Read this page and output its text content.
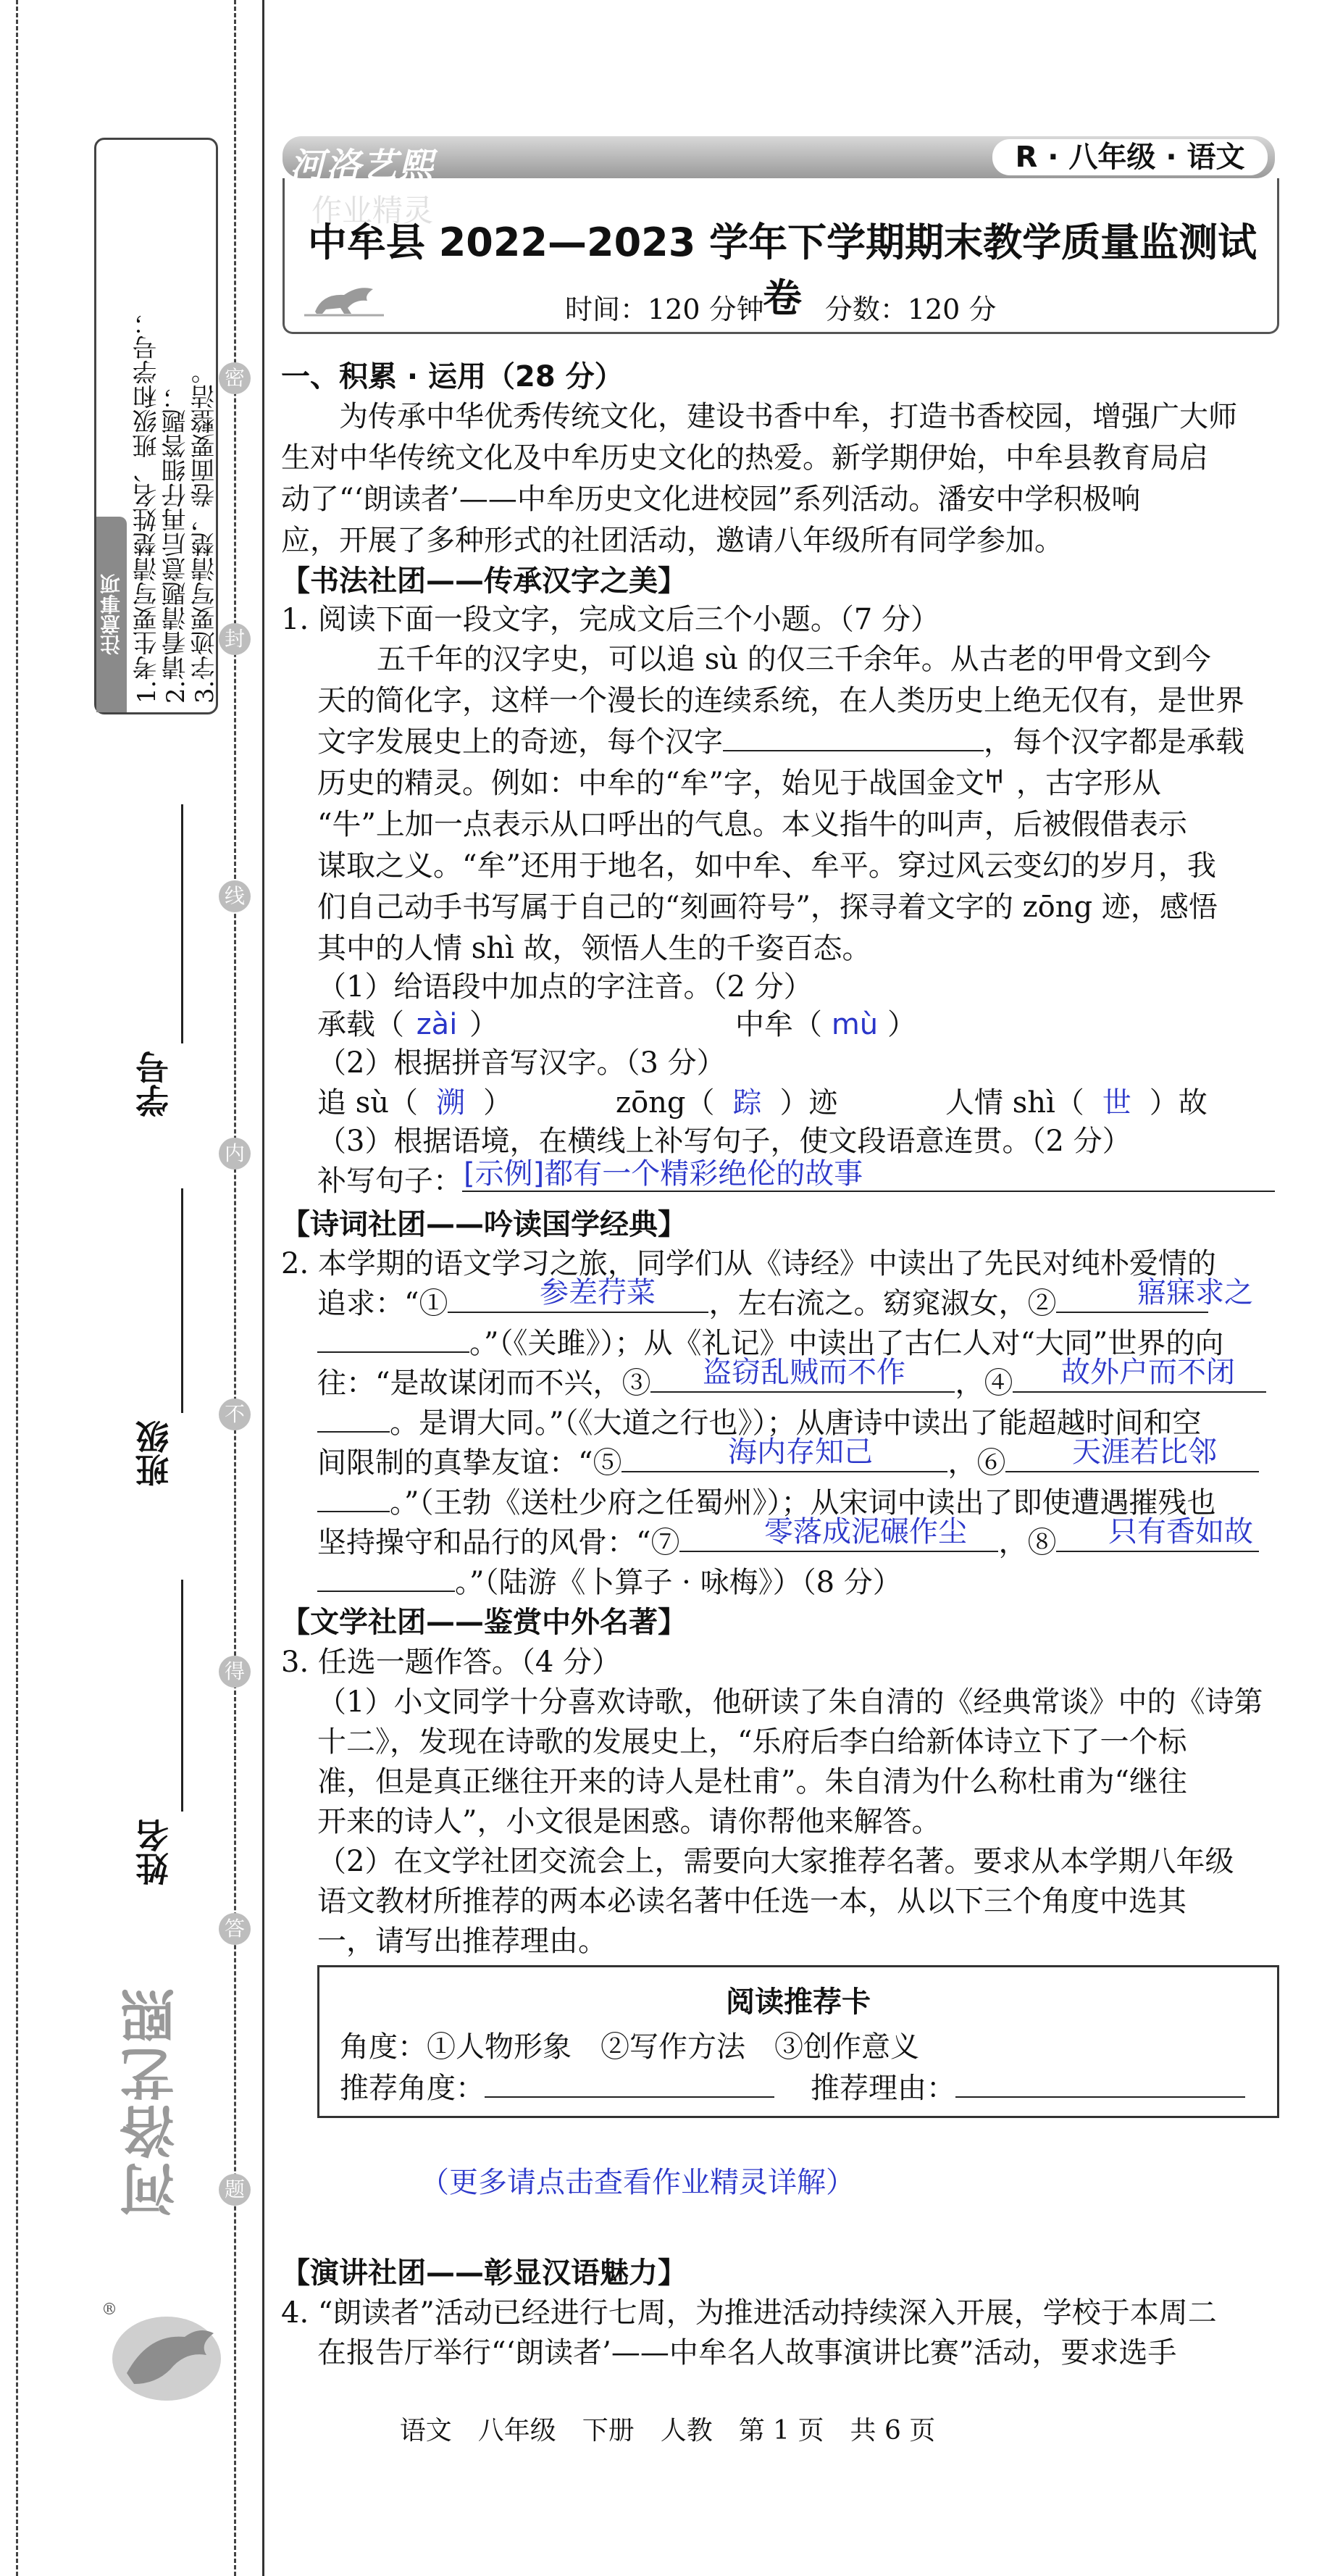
密
封
线
内
不
得
答
题
注意事项 1.考生要写清楚姓名、班级和学号； 2.请看清题意后再仔细答题； 3.字迹要写清楚，卷面要整洁。
学号
班级
姓名
河洛艺熙
®
河洛艺熙	R · 八年级 · 语文
作业精灵
中牟县 2022—2023 学年下学期期末教学质量监测试卷
时间：120 分钟 分数：120 分
一、积累 · 运用（28 分）
为传承中华优秀传统文化，建设书香中牟，打造书香校园，增强广大师
生对中华传统文化及中牟历史文化的热爱。新学期伊始，中牟县教育局启
动了“‘朗读者’——中牟历史文化进校园”系列活动。潘安中学积极响
应，开展了多种形式的社团活动，邀请八年级所有同学参加。
【书法社团——传承汉字之美】
1. 阅读下面一段文字，完成文后三个小题。（7 分）
五千年的汉字史，可以追 sù 的仅三千余年。从古老的甲骨文到今
天的简化字，这样一个漫长的连续系统，在人类历史上绝无仅有，是世界
文字发展史上的奇迹，每个汉字	，每个汉字都是承载
历史的精灵。例如：中牟的“牟”字，始见于战国金文𐀀 ，古字形从
“牛”上加一点表示从口呼出的气息。本义指牛的叫声，后被假借表示
谋取之义。“牟”还用于地名，如中牟、牟平。穿过风云变幻的岁月，我
们自己动手书写属于自己的“刻画符号”，探寻着文字的 zōng 迹，感悟
其中的人情 shì 故，领悟人生的千姿百态。
（1）给语段中加点的字注音。（2 分）
承载（ zài ）	中牟（ mù ）
（2）根据拼音写汉字。（3 分）
追 sù（ 溯 ）	zōng（ 踪 ）迹	人情 shì（ 世 ）故
（3）根据语境，在横线上补写句子，使文段语意连贯。（2 分）
补写句子： [示例]都有一个精彩绝伦的故事
【诗词社团——吟读国学经典】
2. 本学期的语文学习之旅，同学们从《诗经》中读出了先民对纯朴爱情的
追求：“①	，左右流之。窈窕淑女，②
参差荇菜	寤寐求之
。”（《关雎》）；从《礼记》中读出了古仁人对“大同”世界的向
往：“是故谋闭而不兴，③	，④
盗窃乱贼而不作	故外户而不闭
。是谓大同。”（《大道之行也》）；从唐诗中读出了能超越时间和空
间限制的真挚友谊：“⑤	，⑥
海内存知己	天涯若比邻
。”（王勃《送杜少府之任蜀州》）；从宋词中读出了即使遭遇摧残也
坚持操守和品行的风骨：“⑦	，⑧
零落成泥碾作尘	只有香如故
。”（陆游《卜算子 · 咏梅》）（8 分）
【文学社团——鉴赏中外名著】
3. 任选一题作答。（4 分）
（1）小文同学十分喜欢诗歌，他研读了朱自清的《经典常谈》中的《诗第
十二》，发现在诗歌的发展史上，“乐府后李白给新体诗立下了一个标
准，但是真正继往开来的诗人是杜甫”。朱自清为什么称杜甫为“继往
开来的诗人”，小文很是困惑。请你帮他来解答。
（2）在文学社团交流会上，需要向大家推荐名著。要求从本学期八年级
语文教材所推荐的两本必读名著中任选一本，从以下三个角度中选其
一，请写出推荐理由。
阅读推荐卡
角度：①人物形象　②写作方法　③创作意义
推荐角度：	推荐理由：
（更多请点击查看作业精灵详解）
【演讲社团——彰显汉语魅力】
4. “朗读者”活动已经进行七周，为推进活动持续深入开展，学校于本周二
在报告厅举行“‘朗读者’——中牟名人故事演讲比赛”活动，要求选手
语文　八年级　下册　人教　第 1 页　共 6 页
